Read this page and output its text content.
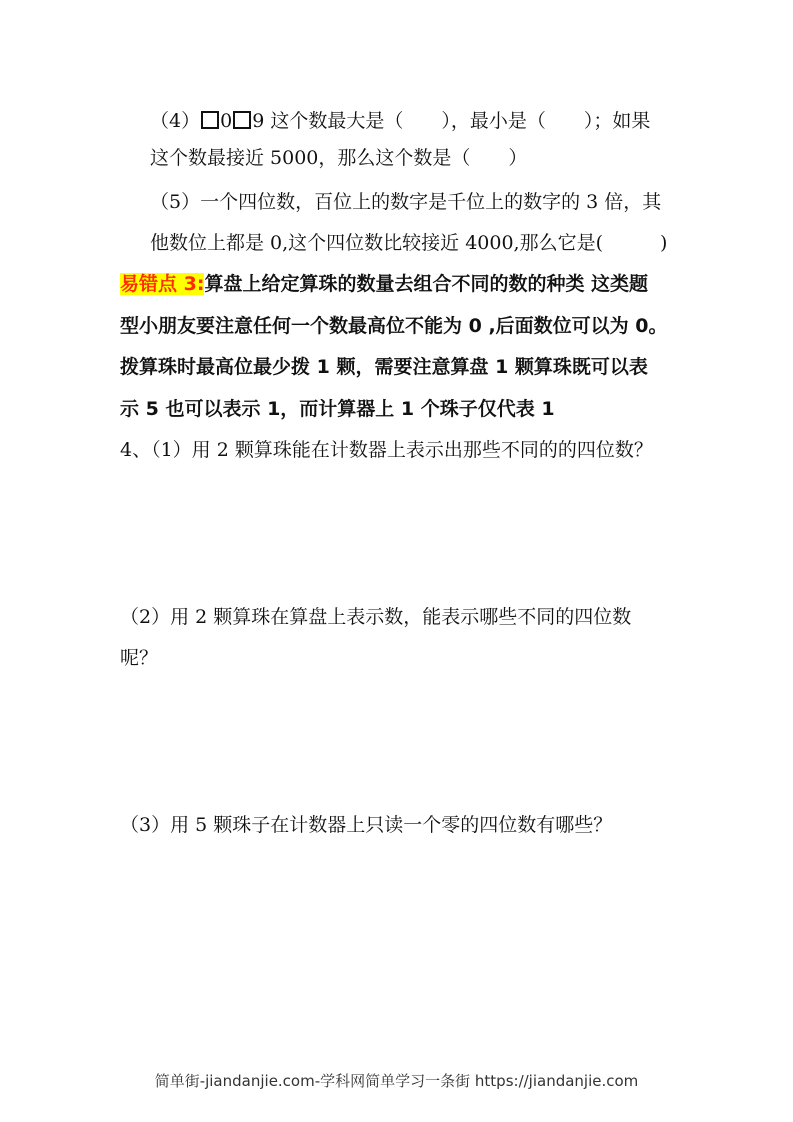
（4） 0 9 这个数最大是（　　），最小是（　　）；如果
这个数最接近 5000，那么这个数是（　　）
（5）一个四位数，百位上的数字是千位上的数字的 3 倍，其
他数位上都是 0,这个四位数比较接近 4000,那么它是(　　　)
易错点 3:算盘上给定算珠的数量去组合不同的数的种类 这类题
型小朋友要注意任何一个数最高位不能为 0 ,后面数位可以为 0。
拨算珠时最高位最少拨 1 颗，需要注意算盘 1 颗算珠既可以表
示 5 也可以表示 1，而计算器上 1 个珠子仅代表 1
4、（1）用 2 颗算珠能在计数器上表示出那些不同的的四位数？
（2）用 2 颗算珠在算盘上表示数，能表示哪些不同的四位数
呢？
（3）用 5 颗珠子在计数器上只读一个零的四位数有哪些？
简单街-jiandanjie.com-学科网简单学习一条街 https://jiandanjie.com
